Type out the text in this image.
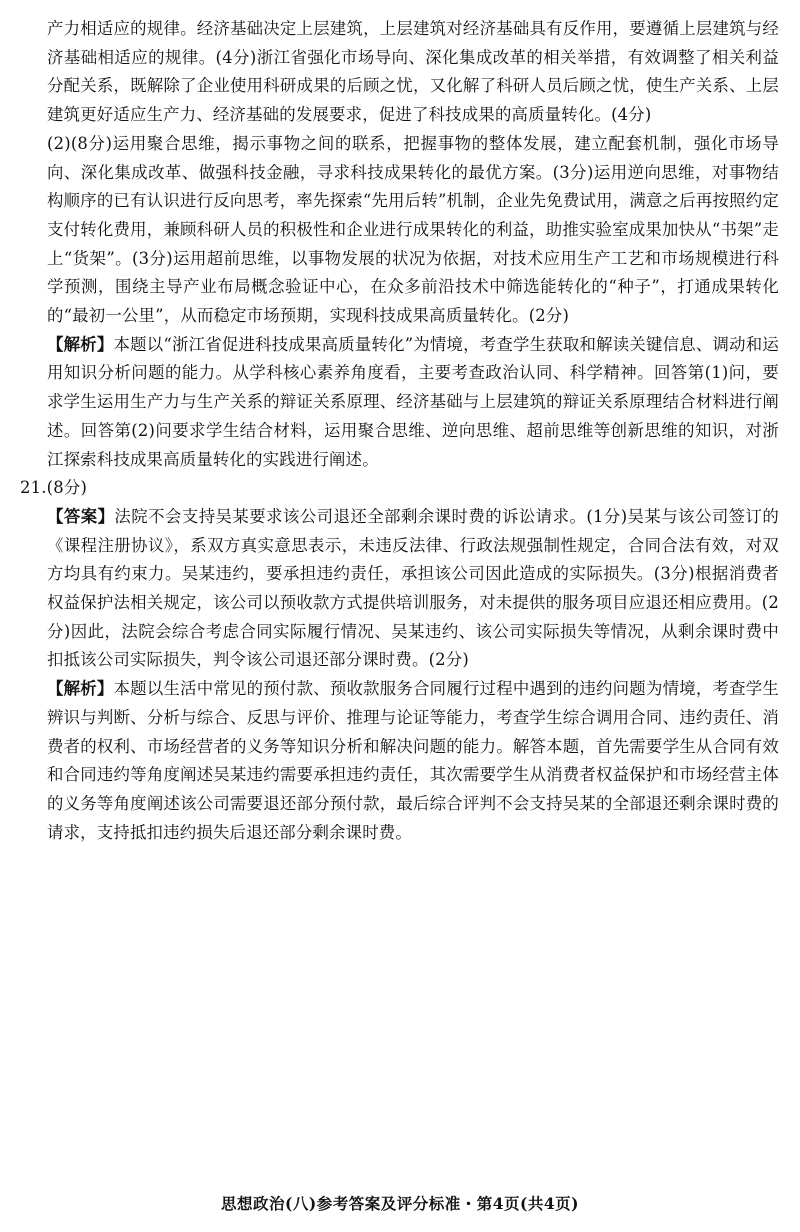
产力相适应的规律。经济基础决定上层建筑，上层建筑对经济基础具有反作用，要遵循上层建筑与经济基础相适应的规律。(4分)浙江省强化市场导向、深化集成改革的相关举措，有效调整了相关利益分配关系，既解除了企业使用科研成果的后顾之忧，又化解了科研人员后顾之忧，使生产关系、上层建筑更好适应生产力、经济基础的发展要求，促进了科技成果的高质量转化。(4分)

(2)(8分)运用聚合思维，揭示事物之间的联系，把握事物的整体发展，建立配套机制，强化市场导向、深化集成改革、做强科技金融，寻求科技成果转化的最优方案。(3分)运用逆向思维，对事物结构顺序的已有认识进行反向思考，率先探索“先用后转”机制，企业先免费试用，满意之后再按照约定支付转化费用，兼顾科研人员的积极性和企业进行成果转化的利益，助推实验室成果加快从“书架”走上“货架”。(3分)运用超前思维，以事物发展的状况为依据，对技术应用生产工艺和市场规模进行科学预测，围绕主导产业布局概念验证中心，在众多前沿技术中筛选能转化的“种子”，打通成果转化的“最初一公里”，从而稳定市场预期，实现科技成果高质量转化。(2分)

【解析】本题以“浙江省促进科技成果高质量转化”为情境，考查学生获取和解读关键信息、调动和运用知识分析问题的能力。从学科核心素养角度看，主要考查政治认同、科学精神。回答第(1)问，要求学生运用生产力与生产关系的辩证关系原理、经济基础与上层建筑的辩证关系原理结合材料进行阐述。回答第(2)问要求学生结合材料，运用聚合思维、逆向思维、超前思维等创新思维的知识，对浙江探索科技成果高质量转化的实践进行阐述。

21.(8分)

【答案】法院不会支持吴某要求该公司退还全部剩余课时费的诉讼请求。(1分)吴某与该公司签订的《课程注册协议》，系双方真实意思表示，未违反法律、行政法规强制性规定，合同合法有效，对双方均具有约束力。吴某违约，要承担违约责任，承担该公司因此造成的实际损失。(3分)根据消费者权益保护法相关规定，该公司以预收款方式提供培训服务，对未提供的服务项目应退还相应费用。(2分)因此，法院会综合考虑合同实际履行情况、吴某违约、该公司实际损失等情况，从剩余课时费中扣抵该公司实际损失，判令该公司退还部分课时费。(2分)

【解析】本题以生活中常见的预付款、预收款服务合同履行过程中遇到的违约问题为情境，考查学生辨识与判断、分析与综合、反思与评价、推理与论证等能力，考查学生综合调用合同、违约责任、消费者的权利、市场经营者的义务等知识分析和解决问题的能力。解答本题，首先需要学生从合同有效和合同违约等角度阐述吴某违约需要承担违约责任，其次需要学生从消费者权益保护和市场经营主体的义务等角度阐述该公司需要退还部分预付款，最后综合评判不会支持吴某的全部退还剩余课时费的请求，支持抵扣违约损失后退还部分剩余课时费。

思想政治(八)参考答案及评分标准・第4页(共4页)
